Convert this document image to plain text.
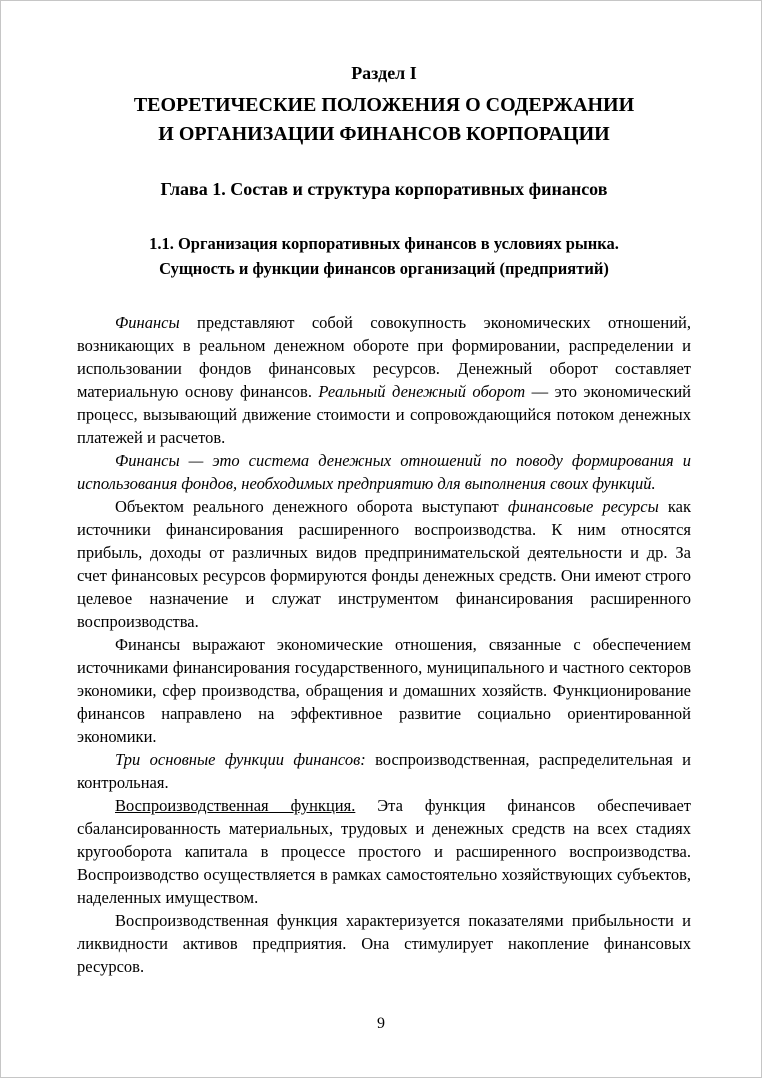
Раздел I
ТЕОРЕТИЧЕСКИЕ ПОЛОЖЕНИЯ О СОДЕРЖАНИИ
И ОРГАНИЗАЦИИ ФИНАНСОВ КОРПОРАЦИИ
Глава 1. Состав и структура корпоративных финансов
1.1. Организация корпоративных финансов в условиях рынка.
Сущность и функции финансов организаций (предприятий)

Финансы представляют собой совокупность экономических отношений, возникающих в реальном денежном обороте при формировании, распределении и использовании фондов финансовых ресурсов. Денежный оборот составляет материальную основу финансов. Реальный денежный оборот — это экономический процесс, вызывающий движение стоимости и сопровождающийся потоком денежных платежей и расчетов.

Финансы — это система денежных отношений по поводу формирования и использования фондов, необходимых предприятию для выполнения своих функций.

Объектом реального денежного оборота выступают финансовые ресурсы как источники финансирования расширенного воспроизводства. К ним относятся прибыль, доходы от различных видов предпринимательской деятельности и др. За счет финансовых ресурсов формируются фонды денежных средств. Они имеют строго целевое назначение и служат инструментом финансирования расширенного воспроизводства.

Финансы выражают экономические отношения, связанные с обеспечением источниками финансирования государственного, муниципального и частного секторов экономики, сфер производства, обращения и домашних хозяйств. Функционирование финансов направлено на эффективное развитие социально ориентированной экономики.

Три основные функции финансов: воспроизводственная, распределительная и контрольная.

Воспроизводственная функция. Эта функция финансов обеспечивает сбалансированность материальных, трудовых и денежных средств на всех стадиях кругооборота капитала в процессе простого и расширенного воспроизводства. Воспроизводство осуществляется в рамках самостоятельно хозяйствующих субъектов, наделенных имуществом.

Воспроизводственная функция характеризуется показателями прибыльности и ликвидности активов предприятия. Она стимулирует накопление финансовых ресурсов.

9
